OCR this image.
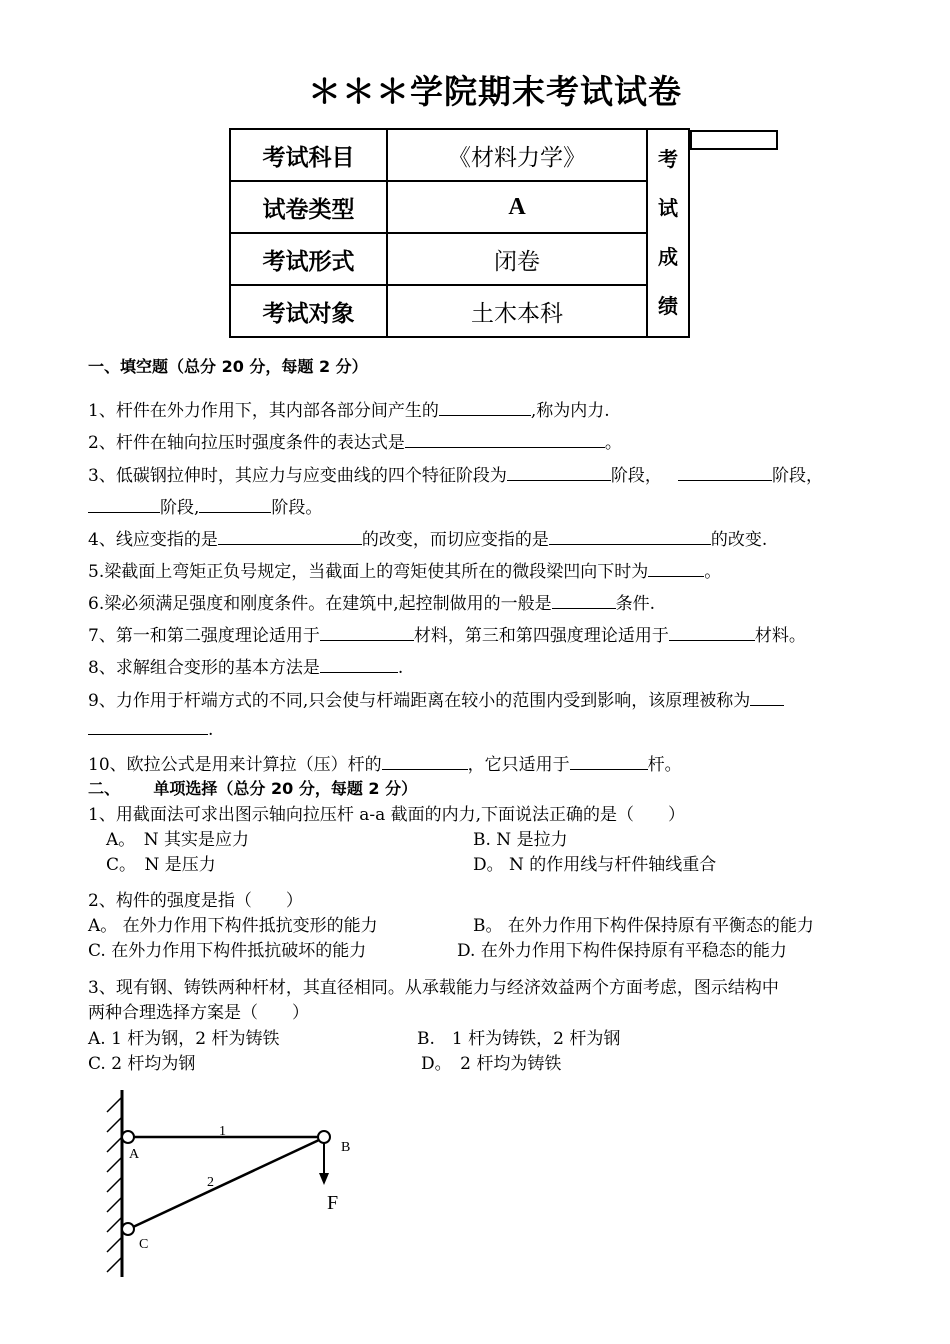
＊＊＊学院期末考试试卷
考试科目	《材料力学》	考
试
成
绩

试卷类型	A	
考试形式	闭卷	
考试对象	土木本科	
一、填空题（总分 20 分，每题 2 分）
1、杆件在外力作用下，其内部各部分间产生的	,称为内力.
2、杆件在轴向拉压时强度条件的表达式是	。
3、低碳钢拉伸时，其应力与应变曲线的四个特征阶段为	阶段，	阶段，
阶段,	阶段。
4、线应变指的是	的改变，而切应变指的是	的改变.
5.梁截面上弯矩正负号规定，当截面上的弯矩使其所在的微段梁凹向下时为	。
6.梁必须满足强度和刚度条件。在建筑中,起控制做用的一般是	条件.
7、第一和第二强度理论适用于	材料，第三和第四强度理论适用于	材料。
8、求解组合变形的基本方法是	.
9、力作用于杆端方式的不同,只会使与杆端距离在较小的范围内受到影响，该原理被称为
.
10、欧拉公式是用来计算拉（压）杆的	，它只适用于	杆。
二、      单项选择（总分 20 分，每题 2 分）
1、用截面法可求出图示轴向拉压杆 a-a 截面的内力,下面说法正确的是（　　）
A。　N 其实是应力	B. N 是拉力
C。　N 是压力	D。 N 的作用线与杆件轴线重合
2、构件的强度是指（　　）
A。 在外力作用下构件抵抗变形的能力	B。 在外力作用下构件保持原有平衡态的能力
C. 在外力作用下构件抵抗破坏的能力	D. 在外力作用下构件保持原有平稳态的能力
3、现有钢、铸铁两种杆材，其直径相同。从承载能力与经济效益两个方面考虑，图示结构中
两种合理选择方案是（　　）
A. 1 杆为钢，2 杆为铸铁	B.　1 杆为铸铁，2 杆为钢
C. 2 杆均为钢	D。　2 杆均为铸铁
A	B
C
F
1
2
